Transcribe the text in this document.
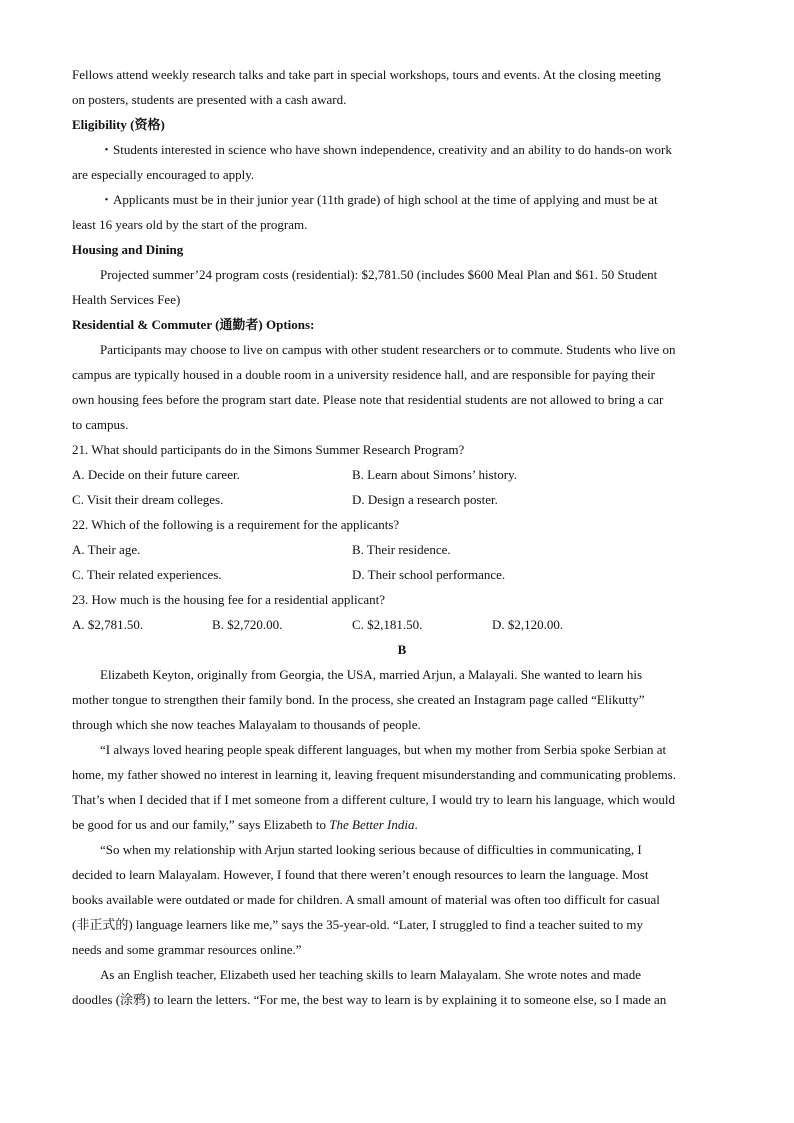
Fellows attend weekly research talks and take part in special workshops, tours and events. At the closing meeting
on posters, students are presented with a cash award.
Eligibility (资格)
・Students interested in science who have shown independence, creativity and an ability to do hands-on work
are especially encouraged to apply.
・Applicants must be in their junior year (11th grade) of high school at the time of applying and must be at
least 16 years old by the start of the program.
Housing and Dining
Projected summer’24 program costs (residential): $2,781.50 (includes $600 Meal Plan and $61. 50 Student
Health Services Fee)
Residential & Commuter (通勤者) Options:
Participants may choose to live on campus with other student researchers or to commute. Students who live on
campus are typically housed in a double room in a university residence hall, and are responsible for paying their
own housing fees before the program start date. Please note that residential students are not allowed to bring a car
to campus.
21. What should participants do in the Simons Summer Research Program?
A. Decide on their future career.	B. Learn about Simons’ history.
C. Visit their dream colleges.	D. Design a research poster.
22. Which of the following is a requirement for the applicants?
A. Their age.	B. Their residence.
C. Their related experiences.	D. Their school performance.
23. How much is the housing fee for a residential applicant?
A. $2,781.50.	B. $2,720.00.	C. $2,181.50.	D. $2,120.00.
B
Elizabeth Keyton, originally from Georgia, the USA, married Arjun, a Malayali. She wanted to learn his
mother tongue to strengthen their family bond. In the process, she created an Instagram page called “Elikutty”
through which she now teaches Malayalam to thousands of people.
“I always loved hearing people speak different languages, but when my mother from Serbia spoke Serbian at
home, my father showed no interest in learning it, leaving frequent misunderstanding and communicating problems.
That’s when I decided that if I met someone from a different culture, I would try to learn his language, which would
be good for us and our family,” says Elizabeth to The Better India.
“So when my relationship with Arjun started looking serious because of difficulties in communicating, I
decided to learn Malayalam. However, I found that there weren’t enough resources to learn the language. Most
books available were outdated or made for children. A small amount of material was often too difficult for casual
(非正式的) language learners like me,” says the 35-year-old. “Later, I struggled to find a teacher suited to my
needs and some grammar resources online.”
As an English teacher, Elizabeth used her teaching skills to learn Malayalam. She wrote notes and made
doodles (涂鸦) to learn the letters. “For me, the best way to learn is by explaining it to someone else, so I made an
